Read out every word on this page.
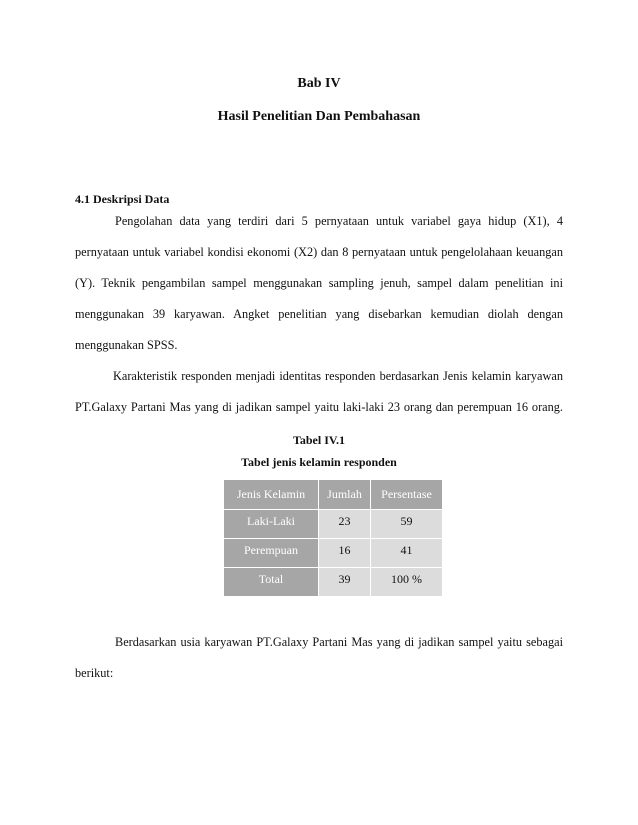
Bab IV
Hasil Penelitian Dan Pembahasan
4.1 Deskripsi Data
Pengolahan data yang terdiri dari 5 pernyataan untuk variabel gaya hidup (X1), 4
pernyataan untuk variabel kondisi ekonomi (X2) dan 8 pernyataan untuk pengelolahaan keuangan
(Y). Teknik pengambilan sampel menggunakan sampling jenuh, sampel dalam penelitian ini
menggunakan 39 karyawan. Angket penelitian yang disebarkan kemudian diolah dengan
menggunakan SPSS.
Karakteristik responden menjadi identitas responden berdasarkan Jenis kelamin karyawan
PT.Galaxy Partani Mas yang di jadikan sampel yaitu laki-laki 23 orang dan perempuan 16 orang.
Tabel IV.1
Tabel jenis kelamin responden
Jenis Kelamin	Jumlah	Persentase
Laki-Laki	23	59
Perempuan	16	41
Total	39	100 %
Berdasarkan usia karyawan PT.Galaxy Partani Mas yang di jadikan sampel yaitu sebagai
berikut:
